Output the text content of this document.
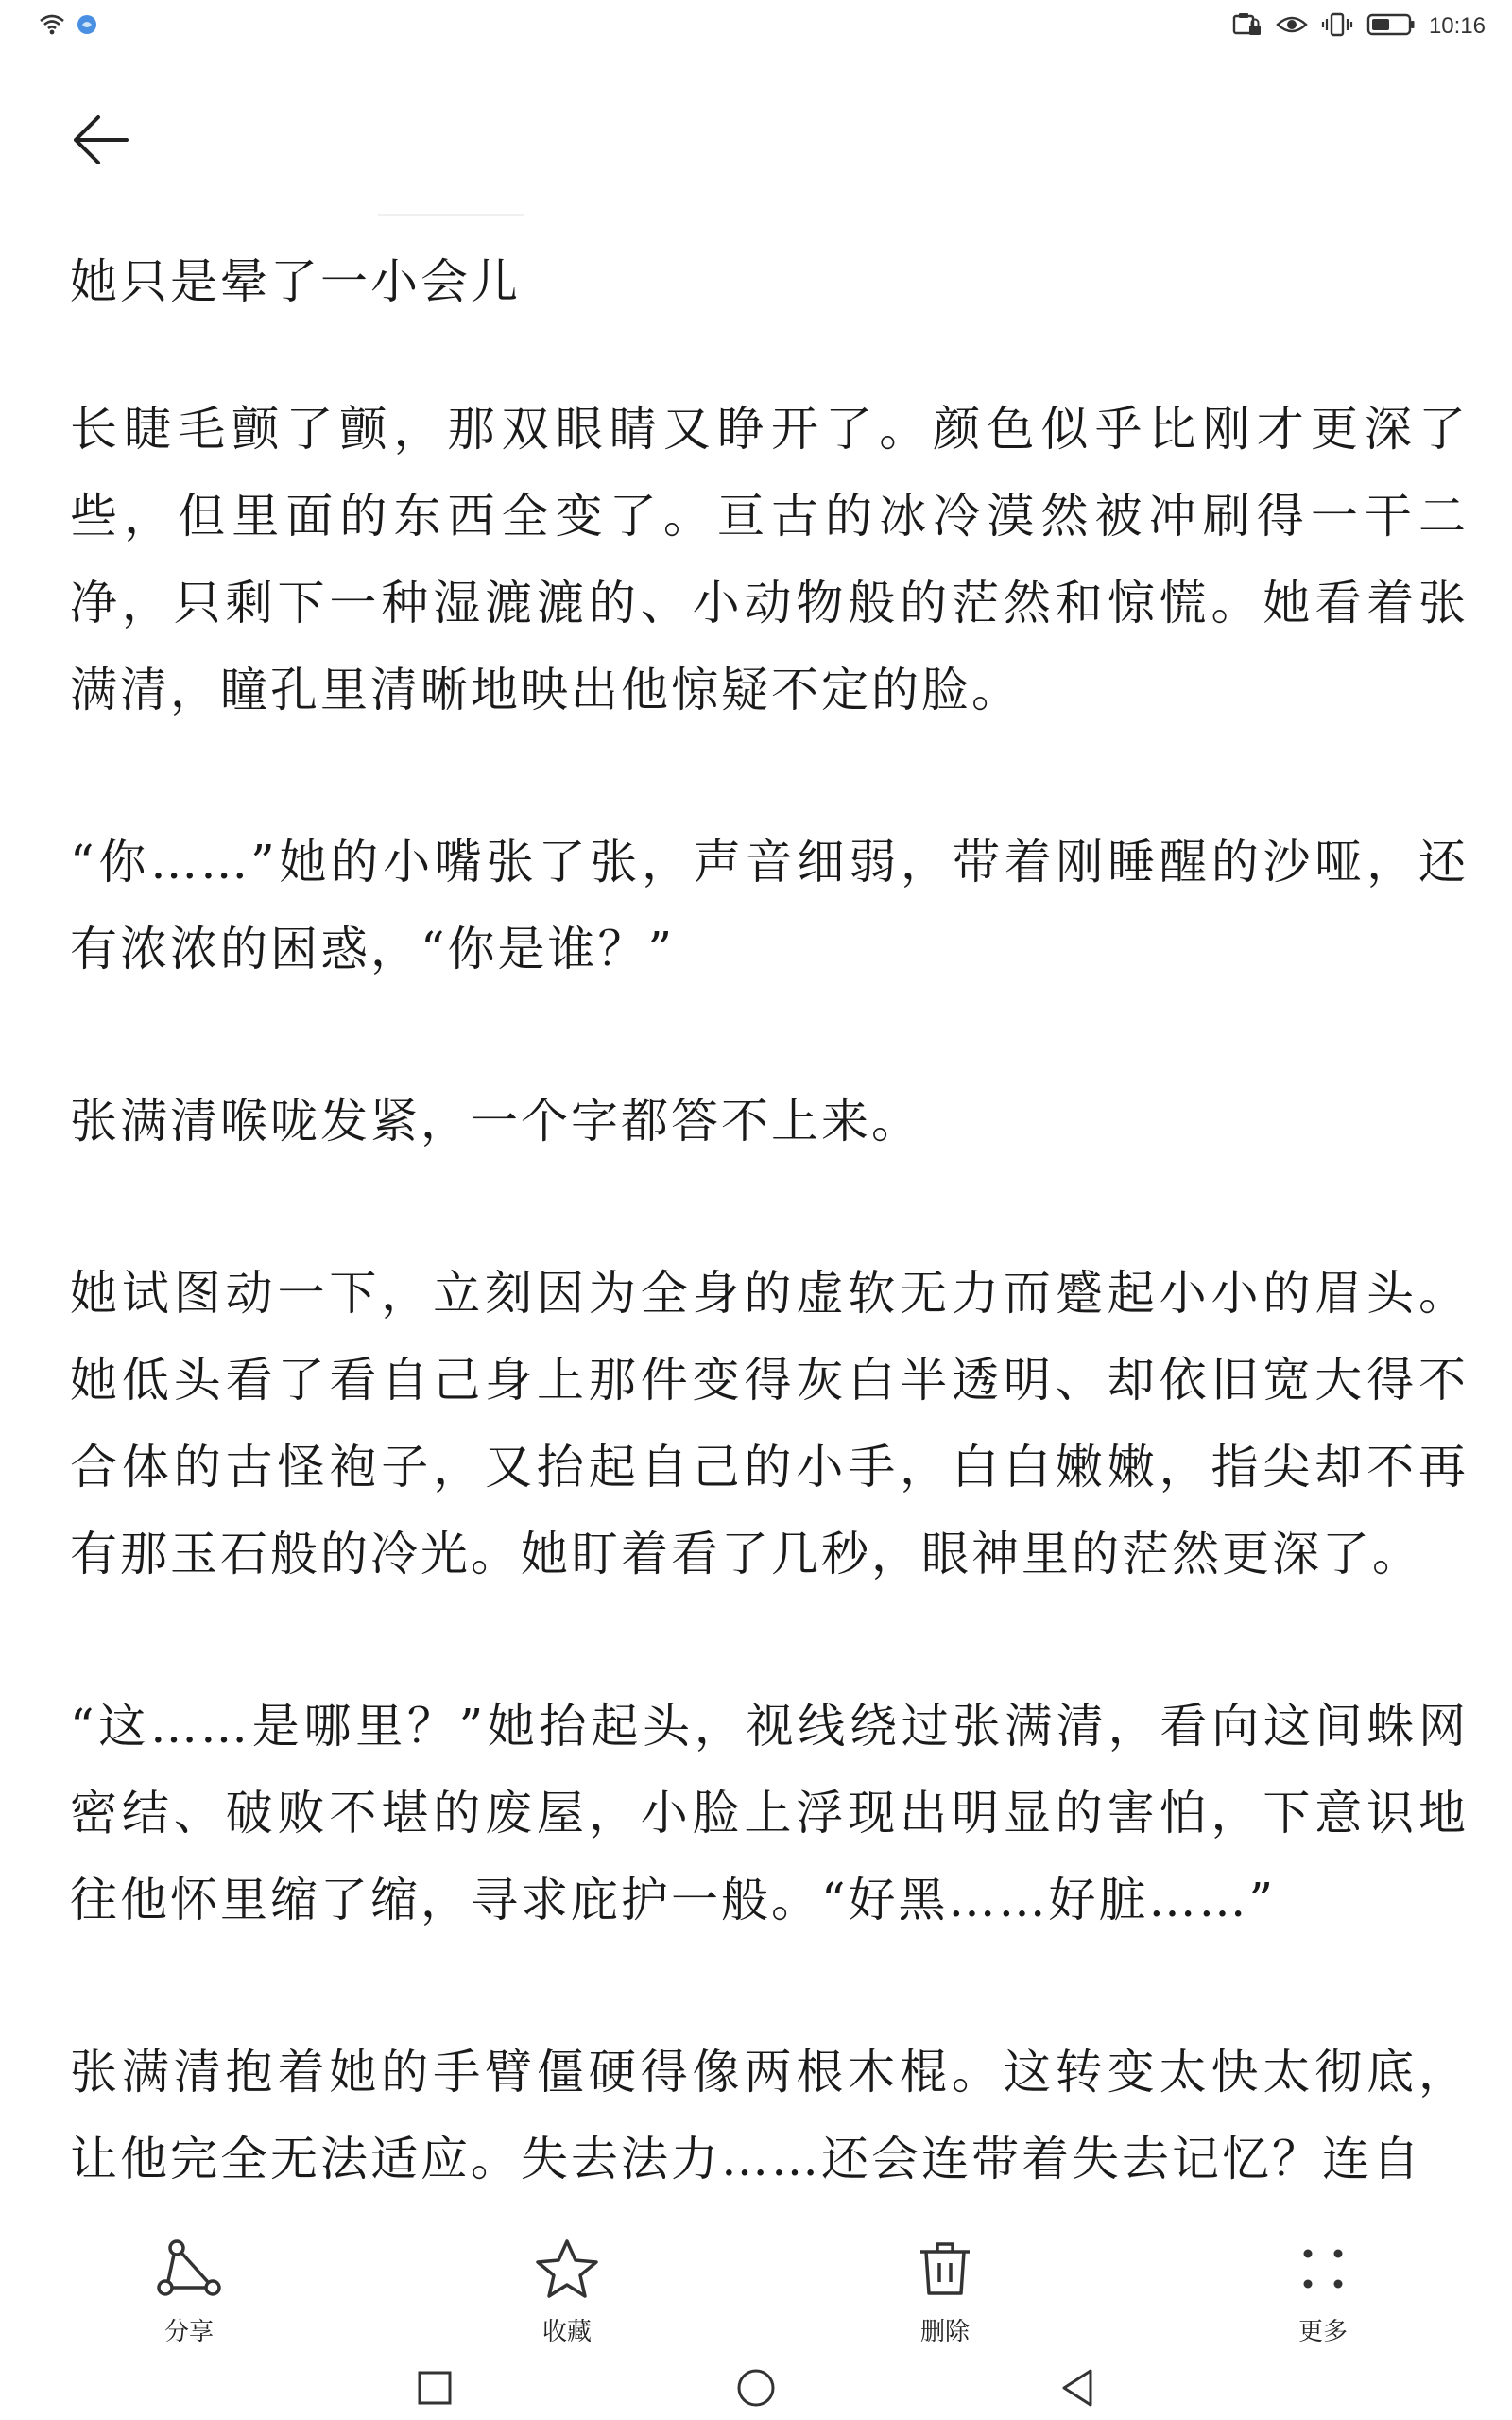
10:16
她只是晕了一小会儿

长睫毛颤了颤，那双眼睛又睁开了。颜色似乎比刚才更深了些，但里面的东西全变了。亘古的冰冷漠然被冲刷得一干二净，只剩下一种湿漉漉的、小动物般的茫然和惊慌。她看着张满清，瞳孔里清晰地映出他惊疑不定的脸。

“你……”她的小嘴张了张，声音细弱，带着刚睡醒的沙哑，还有浓浓的困惑，“你是谁？”

张满清喉咙发紧，一个字都答不上来。

她试图动一下，立刻因为全身的虚软无力而蹙起小小的眉头。她低头看了看自己身上那件变得灰白半透明、却依旧宽大得不合体的古怪袍子，又抬起自己的小手，白白嫩嫩，指尖却不再有那玉石般的冷光。她盯着看了几秒，眼神里的茫然更深了。

“这……是哪里？”她抬起头，视线绕过张满清，看向这间蛛网密结、破败不堪的废屋，小脸上浮现出明显的害怕，下意识地往他怀里缩了缩，寻求庇护一般。“好黑……好脏……”

张满清抱着她的手臂僵硬得像两根木棍。这转变太快太彻底，让他完全无法适应。失去法力……还会连带着失去记忆？连自

分享	收藏	删除	更多
